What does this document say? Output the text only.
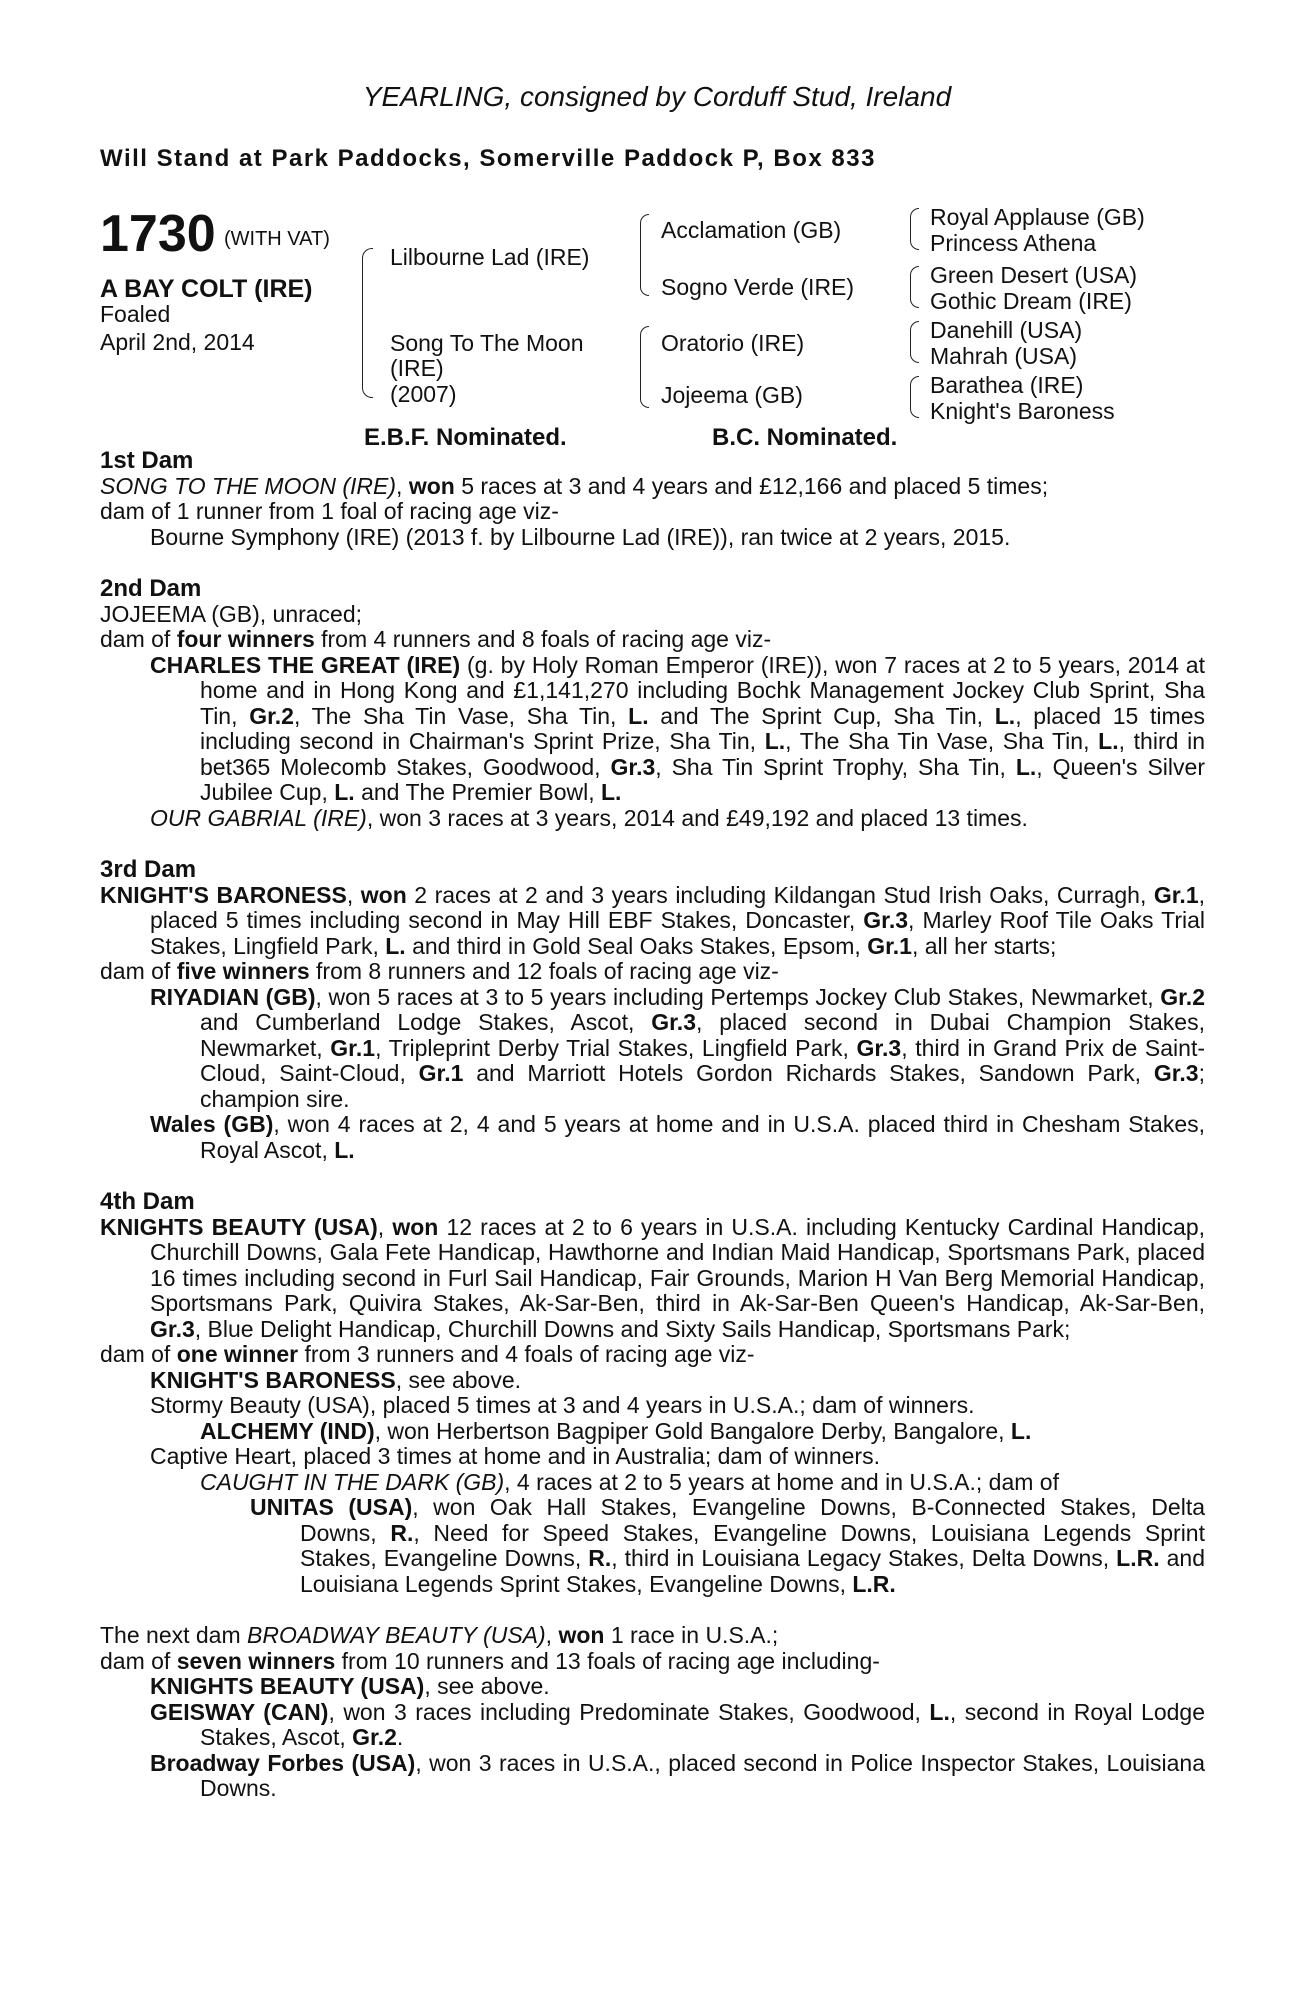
YEARLING, consigned by Corduff Stud, Ireland
Will Stand at Park Paddocks, Somerville Paddock P, Box 833
1730 (WITH VAT)
A BAY COLT (IRE)
Foaled
April 2nd, 2014
Lilbourne Lad (IRE)
Song To The Moon
(IRE)
(2007)
Acclamation (GB)
Sogno Verde (IRE)
Oratorio (IRE)
Jojeema (GB)
Royal Applause (GB)
Princess Athena
Green Desert (USA)
Gothic Dream (IRE)
Danehill (USA)
Mahrah (USA)
Barathea (IRE)
Knight's Baroness
E.B.F. Nominated.	B.C. Nominated.
1st Dam
SONG TO THE MOON (IRE), won 5 races at 3 and 4 years and £12,166 and placed 5 times;
dam of 1 runner from 1 foal of racing age viz-
Bourne Symphony (IRE) (2013 f. by Lilbourne Lad (IRE)), ran twice at 2 years, 2015.
2nd Dam
JOJEEMA (GB), unraced;
dam of four winners from 4 runners and 8 foals of racing age viz-
CHARLES THE GREAT (IRE) (g. by Holy Roman Emperor (IRE)), won 7 races at 2 to 5 years, 2014 at home and in Hong Kong and £1,141,270 including Bochk Management Jockey Club Sprint, Sha Tin, Gr.2, The Sha Tin Vase, Sha Tin, L. and The Sprint Cup, Sha Tin, L., placed 15 times including second in Chairman's Sprint Prize, Sha Tin, L., The Sha Tin Vase, Sha Tin, L., third in bet365 Molecomb Stakes, Goodwood, Gr.3, Sha Tin Sprint Trophy, Sha Tin, L., Queen's Silver Jubilee Cup, L. and The Premier Bowl, L.
OUR GABRIAL (IRE), won 3 races at 3 years, 2014 and £49,192 and placed 13 times.
3rd Dam
KNIGHT'S BARONESS, won 2 races at 2 and 3 years including Kildangan Stud Irish Oaks, Curragh, Gr.1, placed 5 times including second in May Hill EBF Stakes, Doncaster, Gr.3, Marley Roof Tile Oaks Trial Stakes, Lingfield Park, L. and third in Gold Seal Oaks Stakes, Epsom, Gr.1, all her starts;
dam of five winners from 8 runners and 12 foals of racing age viz-
RIYADIAN (GB), won 5 races at 3 to 5 years including Pertemps Jockey Club Stakes, Newmarket, Gr.2 and Cumberland Lodge Stakes, Ascot, Gr.3, placed second in Dubai Champion Stakes, Newmarket, Gr.1, Tripleprint Derby Trial Stakes, Lingfield Park, Gr.3, third in Grand Prix de Saint-Cloud, Saint-Cloud, Gr.1 and Marriott Hotels Gordon Richards Stakes, Sandown Park, Gr.3; champion sire.
Wales (GB), won 4 races at 2, 4 and 5 years at home and in U.S.A. placed third in Chesham Stakes, Royal Ascot, L.
4th Dam
KNIGHTS BEAUTY (USA), won 12 races at 2 to 6 years in U.S.A. including Kentucky Cardinal Handicap, Churchill Downs, Gala Fete Handicap, Hawthorne and Indian Maid Handicap, Sportsmans Park, placed 16 times including second in Furl Sail Handicap, Fair Grounds, Marion H Van Berg Memorial Handicap, Sportsmans Park, Quivira Stakes, Ak-Sar-Ben, third in Ak-Sar-Ben Queen's Handicap, Ak-Sar-Ben, Gr.3, Blue Delight Handicap, Churchill Downs and Sixty Sails Handicap, Sportsmans Park;
dam of one winner from 3 runners and 4 foals of racing age viz-
KNIGHT'S BARONESS, see above.
Stormy Beauty (USA), placed 5 times at 3 and 4 years in U.S.A.; dam of winners.
ALCHEMY (IND), won Herbertson Bagpiper Gold Bangalore Derby, Bangalore, L.
Captive Heart, placed 3 times at home and in Australia; dam of winners.
CAUGHT IN THE DARK (GB), 4 races at 2 to 5 years at home and in U.S.A.; dam of
UNITAS (USA), won Oak Hall Stakes, Evangeline Downs, B-Connected Stakes, Delta Downs, R., Need for Speed Stakes, Evangeline Downs, Louisiana Legends Sprint Stakes, Evangeline Downs, R., third in Louisiana Legacy Stakes, Delta Downs, L.R. and Louisiana Legends Sprint Stakes, Evangeline Downs, L.R.
The next dam BROADWAY BEAUTY (USA), won 1 race in U.S.A.;
dam of seven winners from 10 runners and 13 foals of racing age including-
KNIGHTS BEAUTY (USA), see above.
GEISWAY (CAN), won 3 races including Predominate Stakes, Goodwood, L., second in Royal Lodge Stakes, Ascot, Gr.2.
Broadway Forbes (USA), won 3 races in U.S.A., placed second in Police Inspector Stakes, Louisiana Downs.
